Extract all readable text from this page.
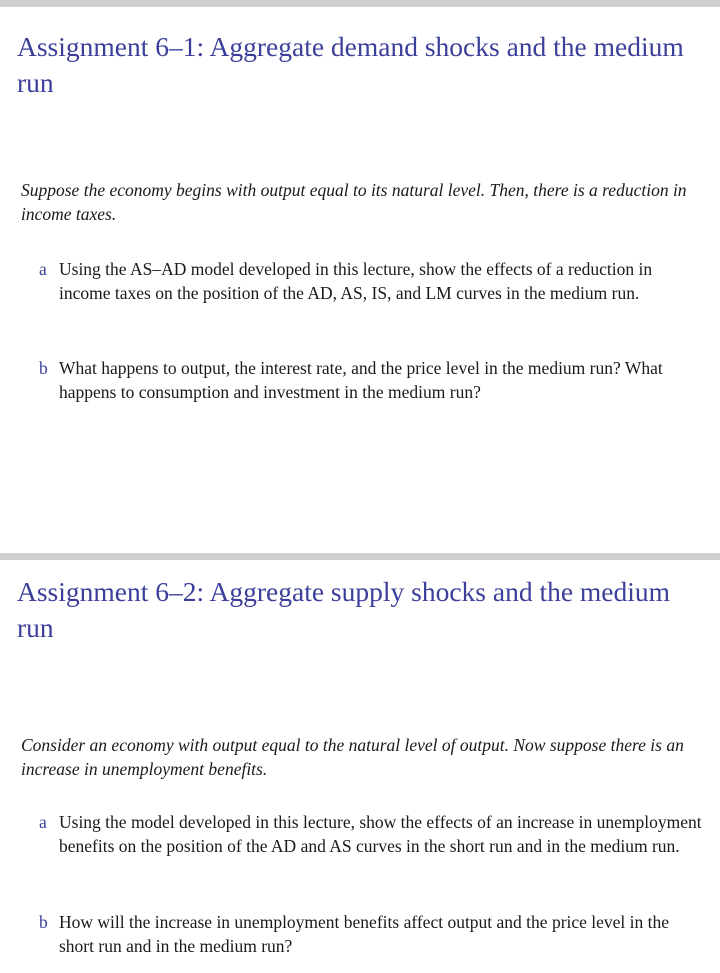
Assignment 6–1: Aggregate demand shocks and the medium run

Suppose the economy begins with output equal to its natural level. Then, there is a reduction in income taxes.

a Using the AS–AD model developed in this lecture, show the effects of a reduction in income taxes on the position of the AD, AS, IS, and LM curves in the medium run.
b What happens to output, the interest rate, and the price level in the medium run? What happens to consumption and investment in the medium run?
Assignment 6–2: Aggregate supply shocks and the medium run

Consider an economy with output equal to the natural level of output. Now suppose there is an increase in unemployment benefits.

a Using the model developed in this lecture, show the effects of an increase in unemployment benefits on the position of the AD and AS curves in the short run and in the medium run.
b How will the increase in unemployment benefits affect output and the price level in the short run and in the medium run?
